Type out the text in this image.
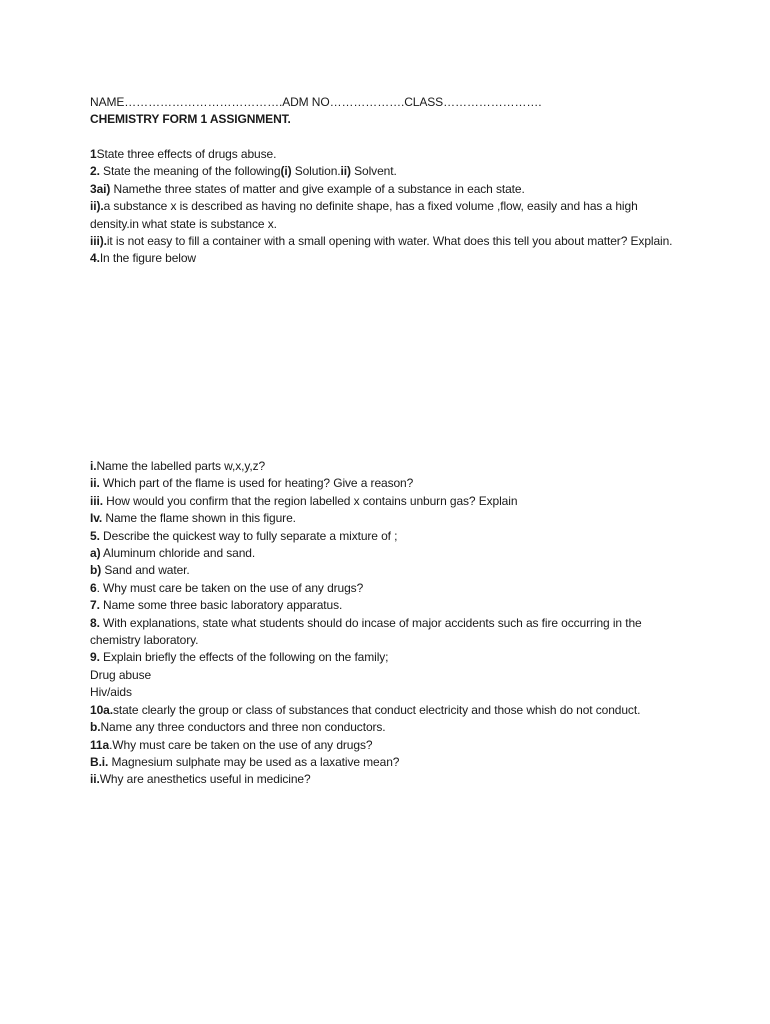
NAME………………………………….ADM NO……………….CLASS…………………….
CHEMISTRY FORM 1 ASSIGNMENT.
1State three effects of drugs abuse.
2. State the meaning of the following(i) Solution.ii) Solvent.
3ai) Namethe three states of matter and give example of a substance in each state.
ii).a substance x is described as having no definite shape, has a fixed volume ,flow, easily and has a high density.in what state is substance x.
iii).it is not easy to fill a container with a small opening with water. What does this tell you about matter? Explain.
4.In the figure below
i.Name the labelled parts w,x,y,z?
ii. Which part of the flame is used for heating? Give a reason?
iii. How would you confirm that the region labelled x contains unburn gas? Explain
Iv. Name the flame shown in this figure.
5. Describe the quickest way to fully separate a mixture of ;
a) Aluminum chloride and sand.
b) Sand and water.
6. Why must care be taken on the use of any drugs?
7. Name some three basic laboratory apparatus.
8. With explanations, state what students should do incase of major accidents such as fire occurring in the chemistry laboratory.
9. Explain briefly the effects of the following on the family;
Drug abuse
Hiv/aids
10a.state clearly the group or class of substances that conduct electricity and those whish do not conduct.
b.Name any three conductors and three non conductors.
11a.Why must care be taken on the use of any drugs?
B.i. Magnesium sulphate may be used as a laxative mean?
ii.Why are anesthetics useful in medicine?
